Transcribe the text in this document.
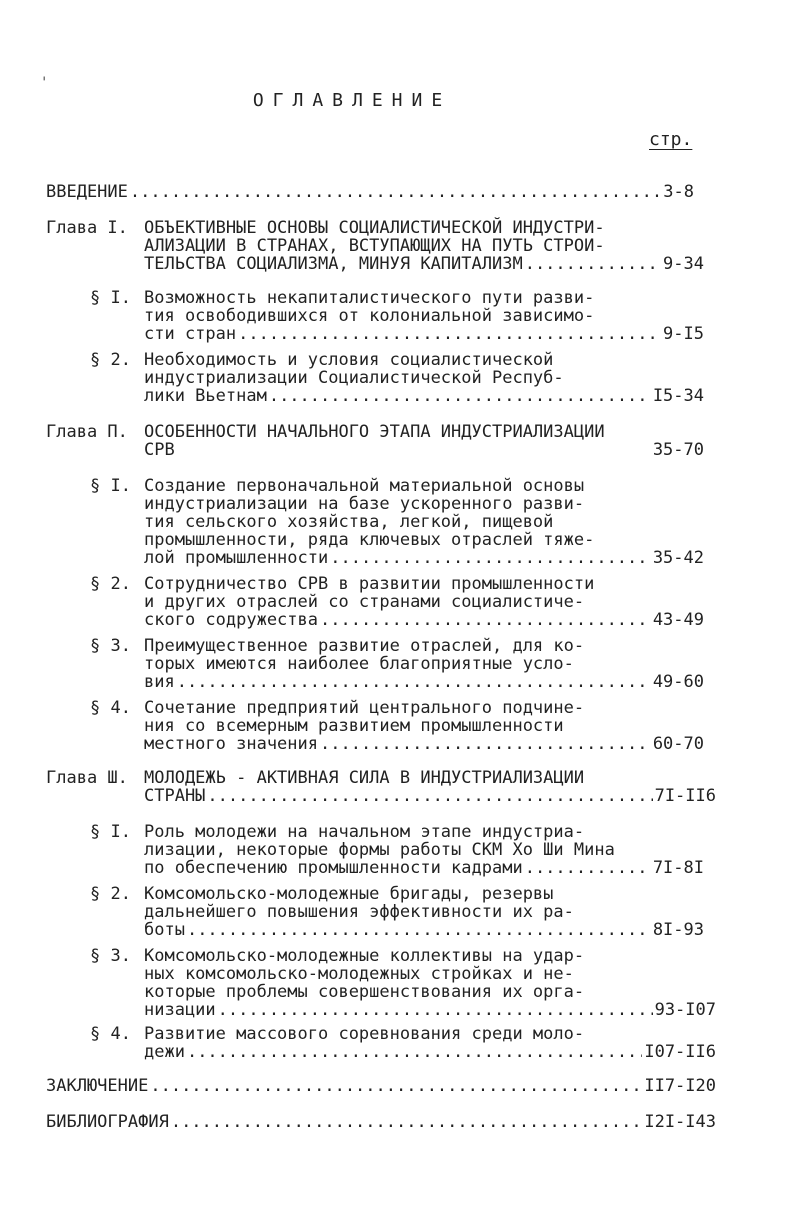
'
ОГЛАВЛЕНИЕ
стр.
ВВЕДЕНИЕ .....	3-8
Глава I. ОБЪЕКТИВНЫЕ ОСНОВЫ СОЦИАЛИСТИЧЕСКОЙ ИНДУСТРИ-
АЛИЗАЦИИ В СТРАНАХ, ВСТУПАЮЩИХ НА ПУТЬ СТРОИ-
ТЕЛЬСТВА СОЦИАЛИЗМА, МИНУЯ КАПИТАЛИЗМ .....	9-34
§ I. Возможность некапиталистического пути разви-
тия освободившихся от колониальной зависимо-
сти стран .....	9-I5
§ 2. Необходимость и условия социалистической
индустриализации Социалистической Респуб-
лики Вьетнам .....	I5-34
Глава П. ОСОБЕННОСТИ НАЧАЛЬНОГО ЭТАПА ИНДУСТРИАЛИЗАЦИИ
СРВ	35-70
§ I. Создание первоначальной материальной основы
индустриализации на базе ускоренного разви-
тия сельского хозяйства, легкой, пищевой
промышленности, ряда ключевых отраслей тяже-
лой промышленности .....	35-42
§ 2. Сотрудничество СРВ в развитии промышленности
и других отраслей со странами социалистиче-
ского содружества .....	43-49
§ 3. Преимущественное развитие отраслей, для ко-
торых имеются наиболее благоприятные усло-
вия .....	49-60
§ 4. Сочетание предприятий центрального подчине-
ния со всемерным развитием промышленности
местного значения .....	60-70
Глава Ш. МОЛОДЕЖЬ - АКТИВНАЯ СИЛА В ИНДУСТРИАЛИЗАЦИИ
СТРАНЫ .....	7I-II6
§ I. Роль молодежи на начальном этапе индустриа-
лизации, некоторые формы работы СКМ Хо Ши Мина
по обеспечению промышленности кадрами .....	7I-8I
§ 2. Комсомольско-молодежные бригады, резервы
дальнейшего повышения эффективности их ра-
боты .....	8I-93
§ 3. Комсомольско-молодежные коллективы на удар-
ных комсомольско-молодежных стройках и не-
которые проблемы совершенствования их орга-
низации .....	93-I07
§ 4. Развитие массового соревнования среди моло-
дежи .....	I07-II6
ЗАКЛЮЧЕНИЕ .....	II7-I20
БИБЛИОГРАФИЯ .....	I2I-I43
